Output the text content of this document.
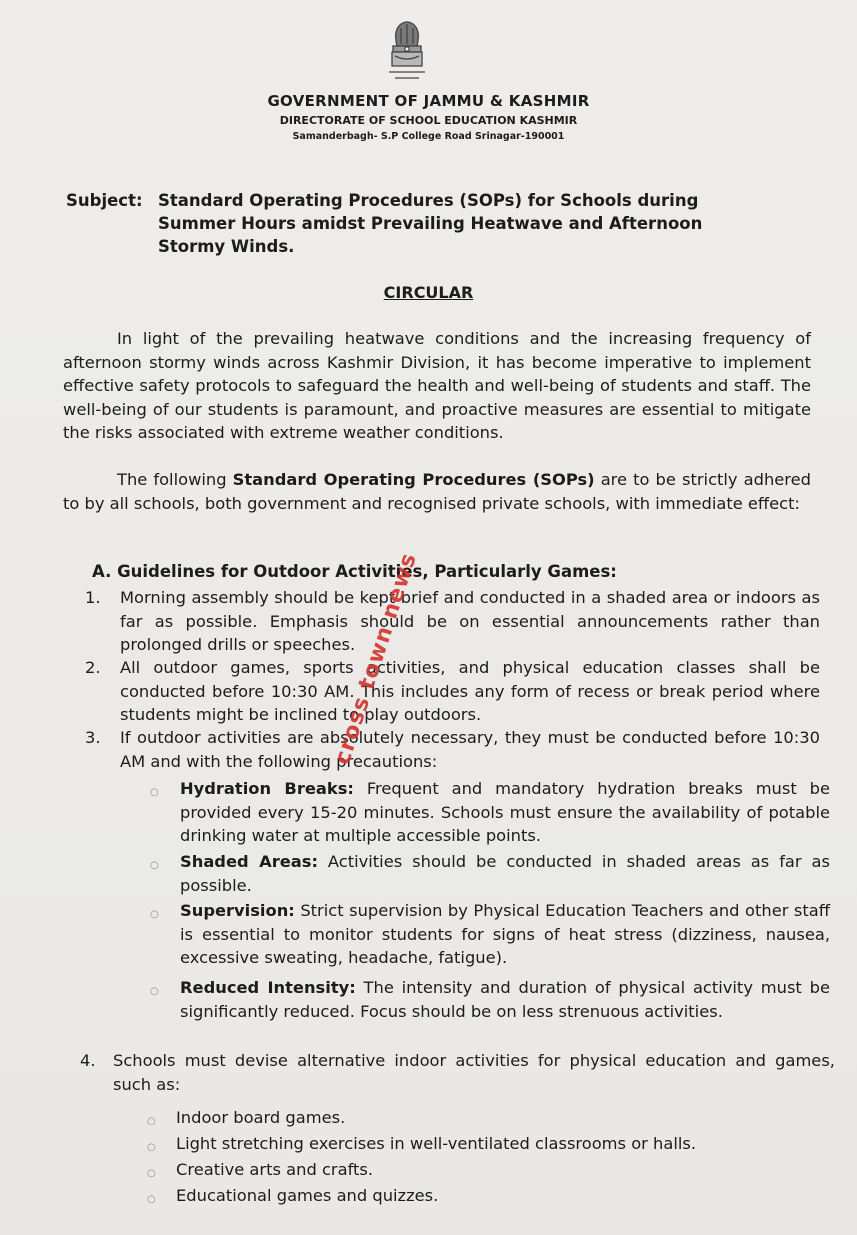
GOVERNMENT OF JAMMU & KASHMIR
DIRECTORATE OF SCHOOL EDUCATION KASHMIR
Samanderbagh- S.P College Road Srinagar-190001
Subject: Standard Operating Procedures (SOPs) for Schools during Summer Hours amidst Prevailing Heatwave and Afternoon Stormy Winds.
CIRCULAR
In light of the prevailing heatwave conditions and the increasing frequency of afternoon stormy winds across Kashmir Division, it has become imperative to implement effective safety protocols to safeguard the health and well-being of students and staff. The well-being of our students is paramount, and proactive measures are essential to mitigate the risks associated with extreme weather conditions.
The following Standard Operating Procedures (SOPs) are to be strictly adhered to by all schools, both government and recognised private schools, with immediate effect:
A. Guidelines for Outdoor Activities, Particularly Games:
1. Morning assembly should be kept brief and conducted in a shaded area or indoors as far as possible. Emphasis should be on essential announcements rather than prolonged drills or speeches.
2. All outdoor games, sports activities, and physical education classes shall be conducted before 10:30 AM. This includes any form of recess or break period where students might be inclined to play outdoors.
3. If outdoor activities are absolutely necessary, they must be conducted before 10:30 AM and with the following precautions:
○ Hydration Breaks: Frequent and mandatory hydration breaks must be provided every 15-20 minutes. Schools must ensure the availability of potable drinking water at multiple accessible points.
○ Shaded Areas: Activities should be conducted in shaded areas as far as possible.
○ Supervision: Strict supervision by Physical Education Teachers and other staff is essential to monitor students for signs of heat stress (dizziness, nausea, excessive sweating, headache, fatigue).
○ Reduced Intensity: The intensity and duration of physical activity must be significantly reduced. Focus should be on less strenuous activities.
4. Schools must devise alternative indoor activities for physical education and games, such as:
○ Indoor board games.
○ Light stretching exercises in well-ventilated classrooms or halls.
○ Creative arts and crafts.
○ Educational games and quizzes.
cross town news
